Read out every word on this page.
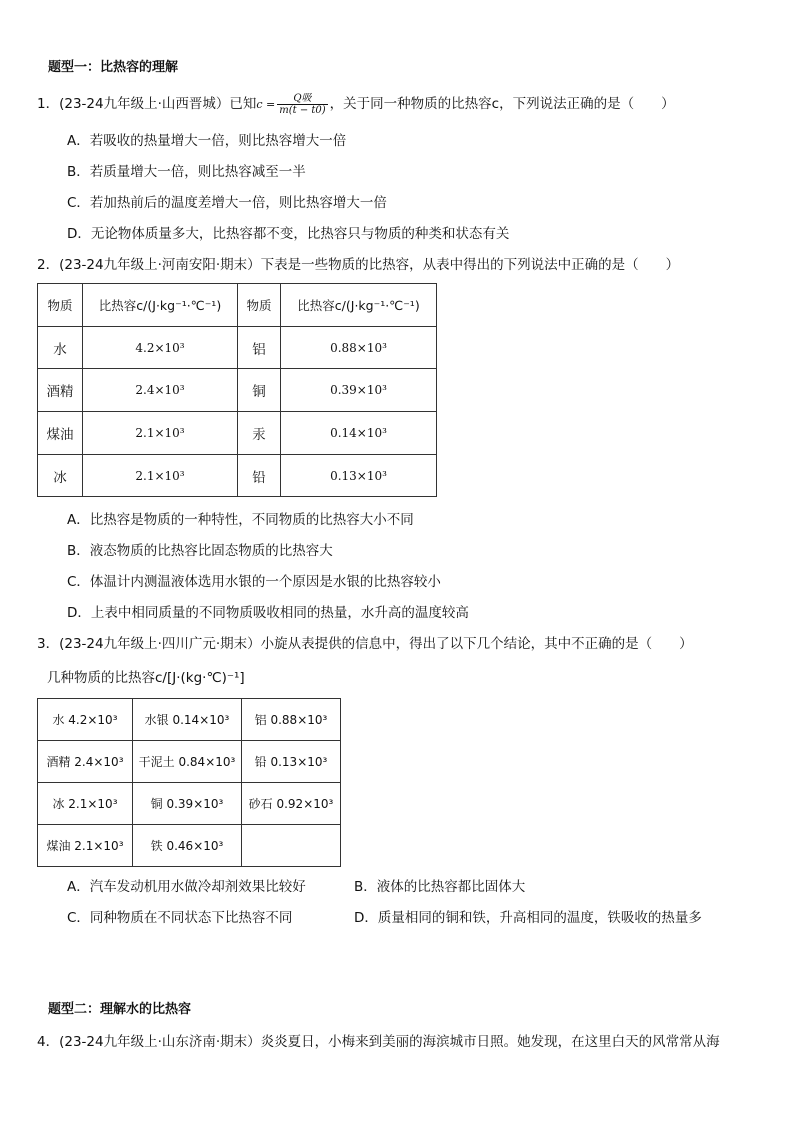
题型一：比热容的理解
1．(23-24九年级上·山西晋城）已知$c = \frac{\text{Q吸}}{m(t - t0)}$ ，关于同一种物质的比热容c，下列说法正确的是（　　）
A．若吸收的热量增大一倍，则比热容增大一倍
B．若质量增大一倍，则比热容减至一半
C．若加热前后的温度差增大一倍，则比热容增大一倍
D．无论物体质量多大，比热容都不变，比热容只与物质的种类和状态有关
2．(23-24九年级上·河南安阳·期末）下表是一些物质的比热容，从表中得出的下列说法中正确的是（　　）
物质	比热容c/(J·kg⁻¹·℃⁻¹)	物质	比热容c/(J·kg⁻¹·℃⁻¹)
水	4.2×10³	铝	0.88×10³
酒精	2.4×10³	铜	0.39×10³
煤油	2.1×10³	汞	0.14×10³
冰	2.1×10³	铅	0.13×10³
A．比热容是物质的一种特性，不同物质的比热容大小不同
B．液态物质的比热容比固态物质的比热容大
C．体温计内测温液体选用水银的一个原因是水银的比热容较小
D．上表中相同质量的不同物质吸收相同的热量，水升高的温度较高
3．(23-24九年级上·四川广元·期末）小旋从表提供的信息中，得出了以下几个结论，其中不正确的是（　　）
几种物质的比热容c/[J·(kg·℃)⁻¹]
水 4.2×10³	水银 0.14×10³	铝 0.88×10³
酒精 2.4×10³	干泥土 0.84×10³	铅 0.13×10³
冰 2.1×10³	铜 0.39×10³	砂石 0.92×10³
煤油 2.1×10³	铁 0.46×10³	
A．汽车发动机用水做冷却剂效果比较好	B．液体的比热容都比固体大
C．同种物质在不同状态下比热容不同	D．质量相同的铜和铁，升高相同的温度，铁吸收的热量多
题型二：理解水的比热容
4．(23-24九年级上·山东济南·期末）炎炎夏日，小梅来到美丽的海滨城市日照。她发现，在这里白天的风常常从海
